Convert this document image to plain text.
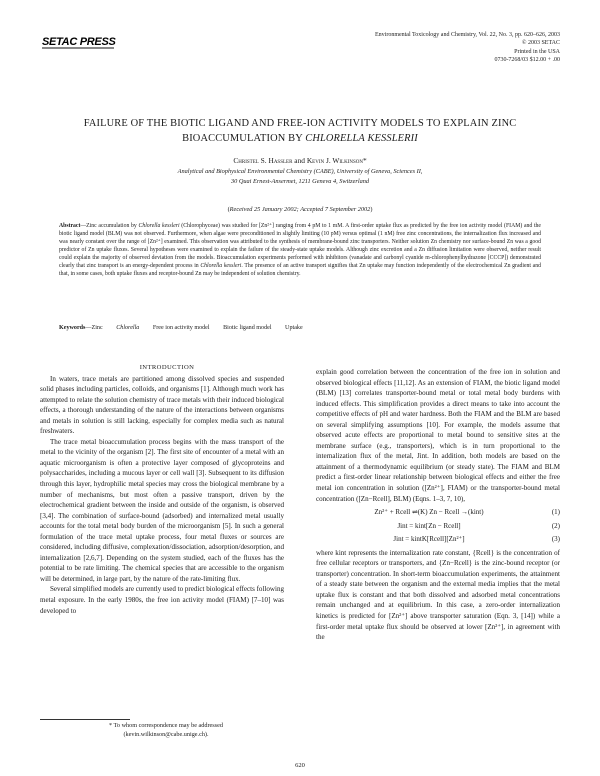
SETAC PRESS
Environmental Toxicology and Chemistry, Vol. 22, No. 3, pp. 620–626, 2003
© 2003 SETAC
Printed in the USA
0730-7268/03 $12.00 + .00
FAILURE OF THE BIOTIC LIGAND AND FREE-ION ACTIVITY MODELS TO EXPLAIN ZINC BIOACCUMULATION BY CHLORELLA KESSLERII
Christel S. Hassler and Kevin J. Wilkinson*
Analytical and Biophysical Environmental Chemistry (CABE), University of Geneva, Sciences II,
30 Quai Ernest-Ansermet, 1211 Geneva 4, Switzerland
(Received 25 January 2002; Accepted 7 September 2002)
Abstract—Zinc accumulation by Chlorella kessleri (Chlorophyceae) was studied for [Zn²⁺] ranging from 4 pM to 1 mM. A first-order uptake flux as predicted by the free ion activity model (FIAM) and the biotic ligand model (BLM) was not observed. Furthermore, when algae were preconditioned in slightly limiting (10 pM) versus optimal (1 nM) free zinc concentrations, the internalization flux increased and was nearly constant over the range of [Zn²⁺] examined. This observation was attributed to the synthesis of membrane-bound zinc transporters. Neither solution Zn chemistry nor surface-bound Zn was a good predictor of Zn uptake fluxes. Several hypotheses were examined to explain the failure of the steady-state uptake models. Although zinc excretion and a Zn diffusion limitation were observed, neither result could explain the majority of observed deviation from the models. Bioaccumulation experiments performed with inhibitors (vanadate and carbonyl cyanide m-chlorophenylhydrazone [CCCP]) demonstrated clearly that zinc transport is an energy-dependent process in Chlorella kessleri. The presence of an active transport signifies that Zn uptake may function independently of the electrochemical Zn gradient and that, in some cases, both uptake fluxes and receptor-bound Zn may be independent of solution chemistry.
Keywords—Zinc Chlorella Free ion activity model Biotic ligand model Uptake

INTRODUCTION

In waters, trace metals are partitioned among dissolved species and suspended solid phases including particles, colloids, and organisms [1]. Although much work has attempted to relate the solution chemistry of trace metals with their induced biological effects, a thorough understanding of the nature of the interactions between organisms and metals in solution is still lacking, especially for complex media such as natural freshwaters.

The trace metal bioaccumulation process begins with the mass transport of the metal to the vicinity of the organism [2]. The first site of encounter of a metal with an aquatic microorganism is often a protective layer composed of glycoproteins and polysaccharides, including a mucous layer or cell wall [3]. Subsequent to its diffusion through this layer, hydrophilic metal species may cross the biological membrane by a number of mechanisms, but most often a passive transport, driven by the electrochemical gradient between the inside and outside of the organism, is observed [3,4]. The combination of surface-bound (adsorbed) and internalized metal usually accounts for the total metal body burden of the microorganism [5]. In such a general formulation of the trace metal uptake process, four metal fluxes or sources are considered, including diffusive, complexation/dissociation, adsorption/desorption, and internalization [2,6,7]. Depending on the system studied, each of the fluxes has the potential to be rate limiting. The chemical species that are accessible to the organism will be determined, in large part, by the nature of the rate-limiting flux.

Several simplified models are currently used to predict biological effects following metal exposure. In the early 1980s, the free ion activity model (FIAM) [7–10] was developed to

explain good correlation between the concentration of the free ion in solution and observed biological effects [11,12]. As an extension of FIAM, the biotic ligand model (BLM) [13] correlates transporter-bound metal or total metal body burdens with induced effects. This simplification provides a direct means to take into account the competitive effects of pH and water hardness. Both the FIAM and the BLM are based on several simplifying assumptions [10]. For example, the models assume that observed acute effects are proportional to metal bound to sensitive sites at the membrane surface (e.g., transporters), which is in turn proportional to the internalization flux of the metal, Jint. In addition, both models are based on the attainment of a thermodynamic equilibrium (or steady state). The FIAM and BLM predict a first-order linear relationship between biological effects and either the free metal ion concentration in solution ([Zn²⁺], FIAM) or the transporter-bound metal concentration ([Zn−Rcell], BLM) (Eqns. 1–3, 7, 10),

Zn²⁺ + Rcell ⇌(K) Zn − Rcell →(kint)	(1)
Jint = kint[Zn − Rcell]	(2)
Jint = kintK[Rcell][Zn²⁺]	(3)

where kint represents the internalization rate constant, {Rcell} is the concentration of free cellular receptors or transporters, and {Zn−Rcell} is the zinc-bound receptor (or transporter) concentration. In short-term bioaccumulation experiments, the attainment of a steady state between the organism and the external media implies that the metal uptake flux is constant and that both dissolved and adsorbed metal concentrations remain unchanged and at equilibrium. In this case, a zero-order internalization kinetics is predicted for [Zn²⁺] above transporter saturation (Eqn. 3, [14]) while a first-order metal uptake flux should be observed at lower [Zn²⁺], in agreement with the

* To whom correspondence may be addressed
(kevin.wilkinson@cabe.unige.ch).
620
